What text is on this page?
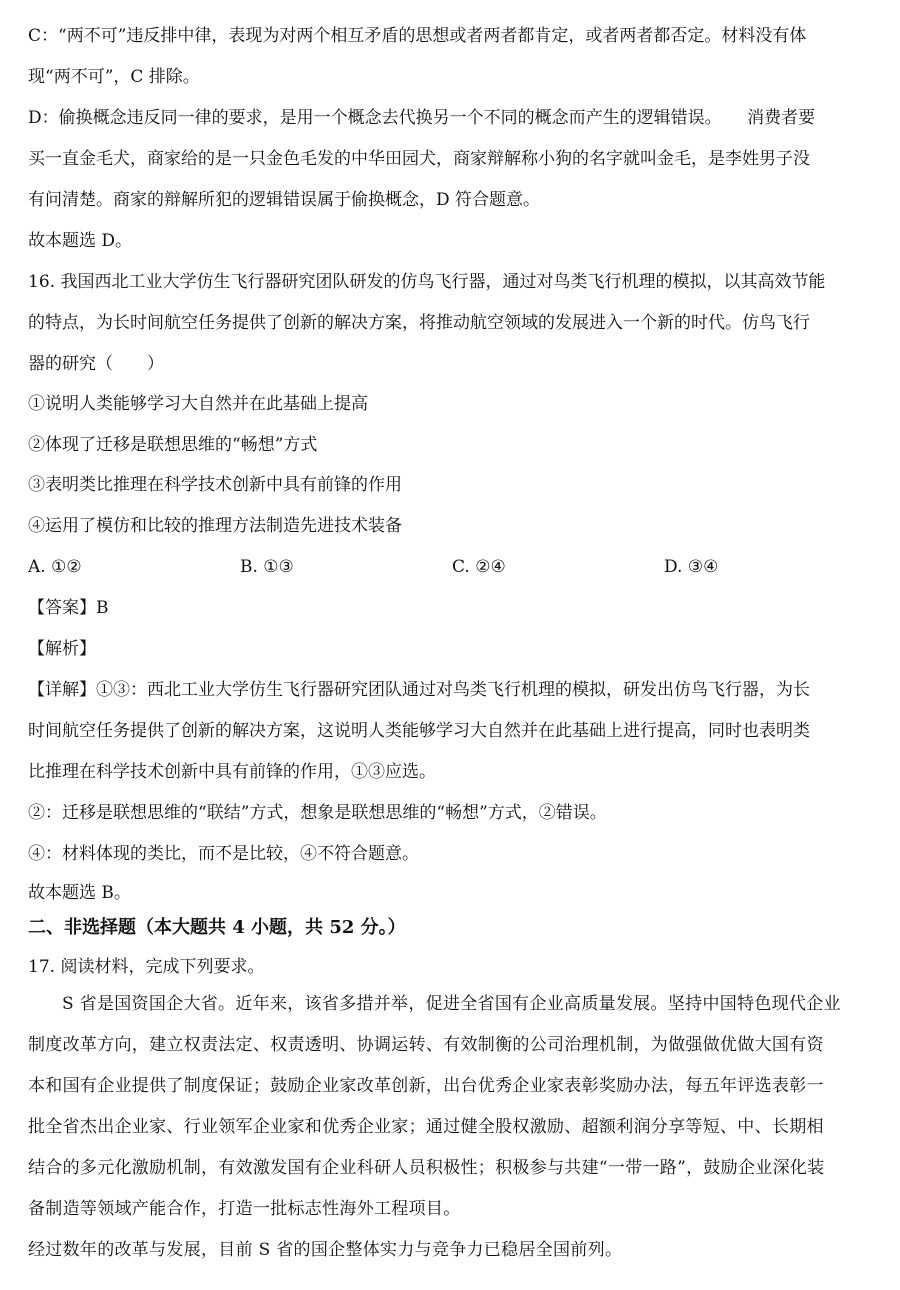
C：“两不可”违反排中律，表现为对两个相互矛盾的思想或者两者都肯定，或者两者都否定。材料没有体
现“两不可”，C 排除。
D：偷换概念违反同一律的要求，是用一个概念去代换另一个不同的概念而产生的逻辑错误。　　消费者要
买一直金毛犬，商家给的是一只金色毛发的中华田园犬，商家辩解称小狗的名字就叫金毛，是李姓男子没
有问清楚。商家的辩解所犯的逻辑错误属于偷换概念，D 符合题意。
故本题选 D。
16. 我国西北工业大学仿生飞行器研究团队研发的仿鸟飞行器，通过对鸟类飞行机理的模拟，以其高效节能
的特点，为长时间航空任务提供了创新的解决方案，将推动航空领域的发展进入一个新的时代。仿鸟飞行
器的研究（　　）
①说明人类能够学习大自然并在此基础上提高
②体现了迁移是联想思维的“畅想”方式
③表明类比推理在科学技术创新中具有前锋的作用
④运用了模仿和比较的推理方法制造先进技术装备
A. ①②	B. ①③	C. ②④	D. ③④
【答案】B
【解析】
【详解】①③：西北工业大学仿生飞行器研究团队通过对鸟类飞行机理的模拟，研发出仿鸟飞行器，为长
时间航空任务提供了创新的解决方案，这说明人类能够学习大自然并在此基础上进行提高，同时也表明类
比推理在科学技术创新中具有前锋的作用，①③应选。
②：迁移是联想思维的“联结”方式，想象是联想思维的“畅想”方式，②错误。
④：材料体现的类比，而不是比较，④不符合题意。
故本题选 B。
二、非选择题（本大题共 4 小题，共 52 分。）
17. 阅读材料，完成下列要求。
S 省是国资国企大省。近年来，该省多措并举，促进全省国有企业高质量发展。坚持中国特色现代企业
制度改革方向，建立权责法定、权责透明、协调运转、有效制衡的公司治理机制，为做强做优做大国有资
本和国有企业提供了制度保证；鼓励企业家改革创新，出台优秀企业家表彰奖励办法，每五年评选表彰一
批全省杰出企业家、行业领军企业家和优秀企业家；通过健全股权激励、超额利润分享等短、中、长期相
结合的多元化激励机制，有效激发国有企业科研人员积极性；积极参与共建“一带一路”，鼓励企业深化装
备制造等领域产能合作，打造一批标志性海外工程项目。
经过数年的改革与发展，目前 S 省的国企整体实力与竞争力已稳居全国前列。
